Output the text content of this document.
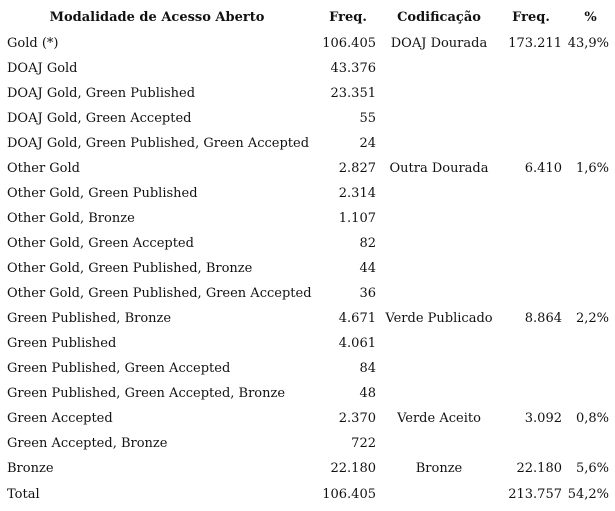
Modalidade de Acesso Aberto	Freq.	Codificação	Freq.	%
Gold (*)	106.405	DOAJ Dourada	173.211	43,9%
DOAJ Gold	43.376			
DOAJ Gold, Green Published	23.351			
DOAJ Gold, Green Accepted	55			
DOAJ Gold, Green Published, Green Accepted	24			
Other Gold	2.827	Outra Dourada	6.410	1,6%
Other Gold, Green Published	2.314			
Other Gold, Bronze	1.107			
Other Gold, Green Accepted	82			
Other Gold, Green Published, Bronze	44			
Other Gold, Green Published, Green Accepted	36			
Green Published, Bronze	4.671	Verde Publicado	8.864	2,2%
Green Published	4.061			
Green Published, Green Accepted	84			
Green Published, Green Accepted, Bronze	48			
Green Accepted	2.370	Verde Aceito	3.092	0,8%
Green Accepted, Bronze	722			
Bronze	22.180	Bronze	22.180	5,6%
Total	106.405		213.757	54,2%
